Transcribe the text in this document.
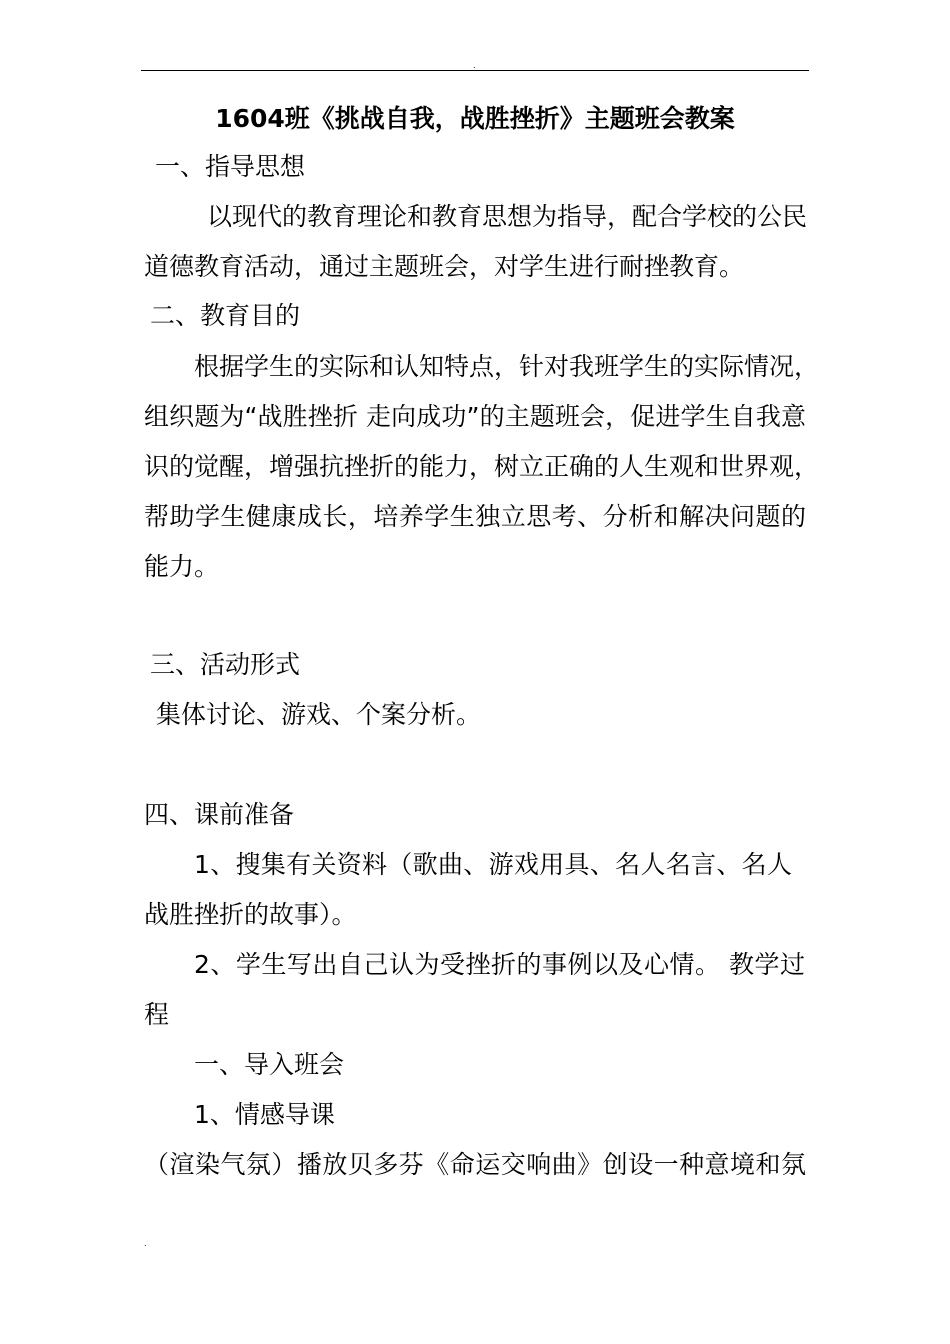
.
1604班《挑战自我，战胜挫折》主题班会教案
一、指导思想
以现代的教育理论和教育思想为指导，配合学校的公民
道德教育活动，通过主题班会，对学生进行耐挫教育。
二、教育目的
根据学生的实际和认知特点，针对我班学生的实际情况，
组织题为“战胜挫折 走向成功”的主题班会，促进学生自我意
识的觉醒，增强抗挫折的能力，树立正确的人生观和世界观，
帮助学生健康成长，培养学生独立思考、分析和解决问题的
能力。
三、活动形式
集体讨论、游戏、个案分析。
四、课前准备
1、搜集有关资料（歌曲、游戏用具、名人名言、名人
战胜挫折的故事）。
2、学生写出自己认为受挫折的事例以及心情。 教学过
程
一、导入班会
1、情感导课
（渲染气氛）播放贝多芬《命运交响曲》创设一种意境和氛
.
